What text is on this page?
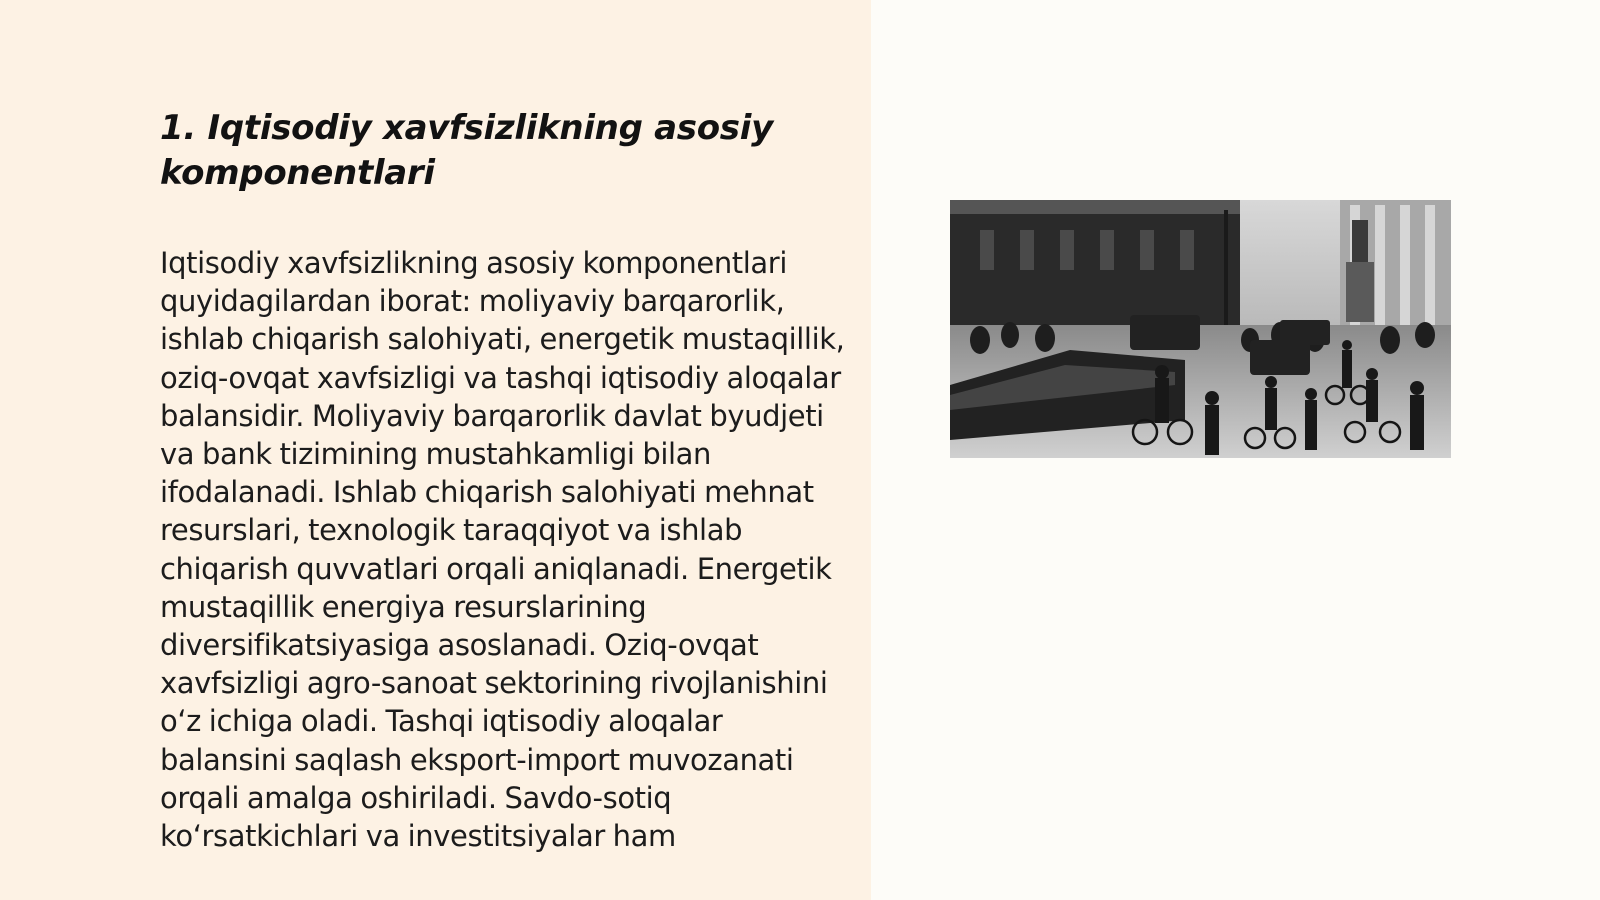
1. Iqtisodiy xavfsizlikning asosiy komponentlari

Iqtisodiy xavfsizlikning asosiy komponentlari quyidagilardan iborat: moliyaviy barqarorlik, ishlab chiqarish salohiyati, energetik mustaqillik, oziq-ovqat xavfsizligi va tashqi iqtisodiy aloqalar balansidir. Moliyaviy barqarorlik davlat byudjeti va bank tizimining mustahkamligi bilan ifodalanadi. Ishlab chiqarish salohiyati mehnat resurslari, texnologik taraqqiyot va ishlab chiqarish quvvatlari orqali aniqlanadi. Energetik mustaqillik energiya resurslarining diversifikatsiyasiga asoslanadi. Oziq-ovqat xavfsizligi agro-sanoat sektorining rivojlanishini oʻz ichiga oladi. Tashqi iqtisodiy aloqalar balansini saqlash eksport-import muvozanati orqali amalga oshiriladi. Savdo-sotiq koʻrsatkichlari va investitsiyalar ham
